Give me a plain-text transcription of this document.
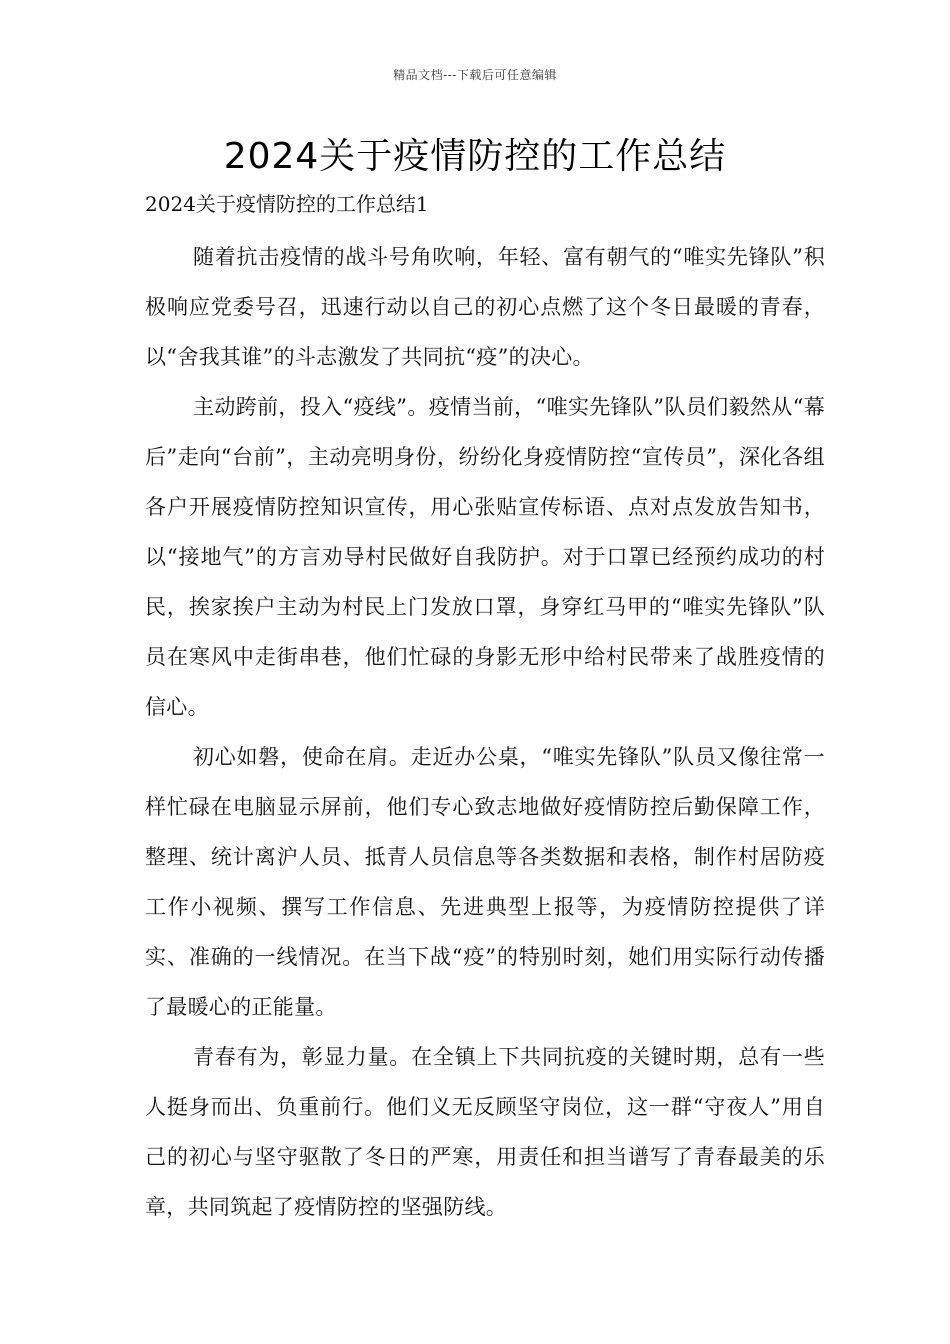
精品文档---下载后可任意编辑
2024关于疫情防控的工作总结

2024关于疫情防控的工作总结1

随着抗击疫情的战斗号角吹响，年轻、富有朝气的“唯实先锋队”积极响应党委号召，迅速行动以自己的初心点燃了这个冬日最暖的青春，以“舍我其谁”的斗志激发了共同抗“疫”的决心。

主动跨前，投入“疫线”。疫情当前，“唯实先锋队”队员们毅然从“幕后”走向“台前”，主动亮明身份，纷纷化身疫情防控“宣传员”，深化各组各户开展疫情防控知识宣传，用心张贴宣传标语、点对点发放告知书，以“接地气”的方言劝导村民做好自我防护。对于口罩已经预约成功的村民，挨家挨户主动为村民上门发放口罩，身穿红马甲的“唯实先锋队”队员在寒风中走街串巷，他们忙碌的身影无形中给村民带来了战胜疫情的信心。

初心如磐，使命在肩。走近办公桌，“唯实先锋队”队员又像往常一样忙碌在电脑显示屏前，他们专心致志地做好疫情防控后勤保障工作，整理、统计离沪人员、抵青人员信息等各类数据和表格，制作村居防疫工作小视频、撰写工作信息、先进典型上报等，为疫情防控提供了详实、准确的一线情况。在当下战“疫”的特别时刻，她们用实际行动传播了最暖心的正能量。

青春有为，彰显力量。在全镇上下共同抗疫的关键时期，总有一些人挺身而出、负重前行。他们义无反顾坚守岗位，这一群“守夜人”用自己的初心与坚守驱散了冬日的严寒，用责任和担当谱写了青春最美的乐章，共同筑起了疫情防控的坚强防线。
